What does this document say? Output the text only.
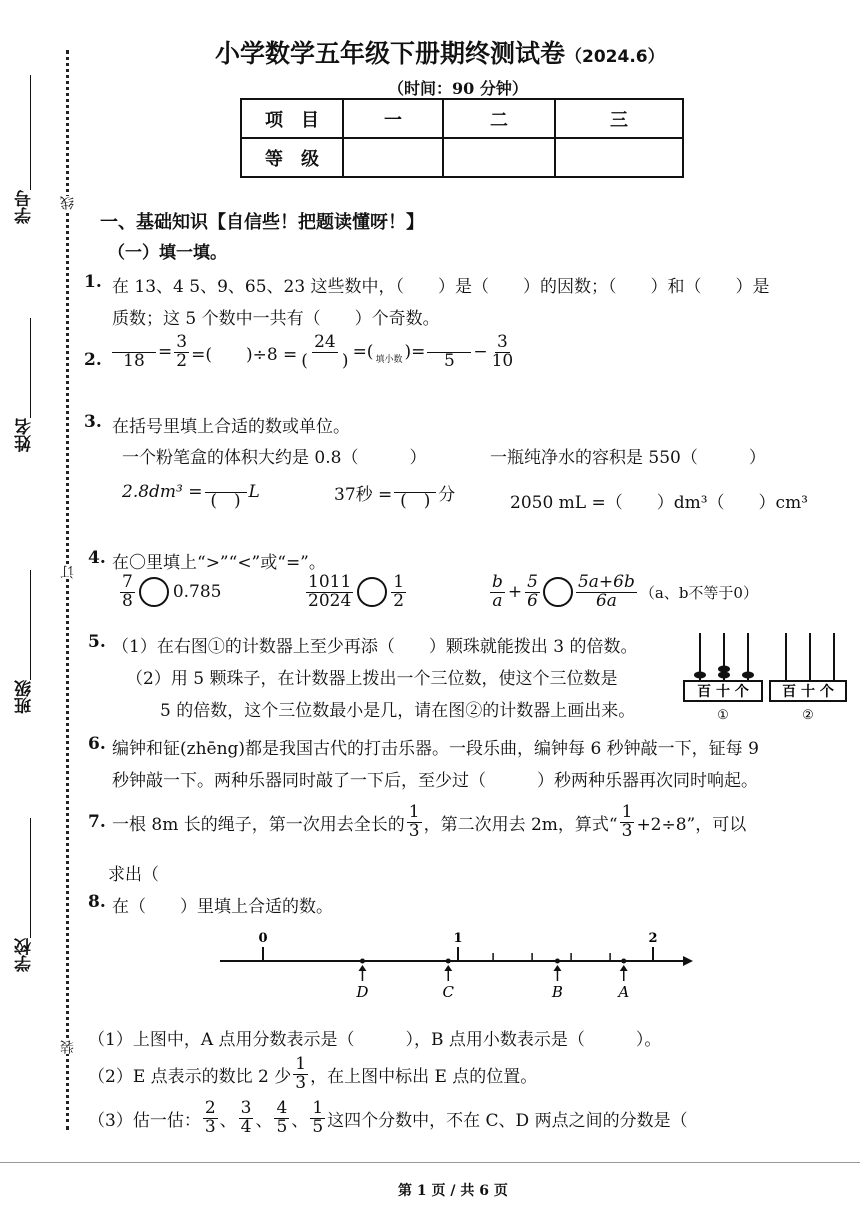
学号
姓名
班级
学校
线
订
装
小学数学五年级下册期终测试卷（2024.6）
（时间：90 分钟）
项　目	一	二	三
等　级			
一、基础知识【自信些！把题读懂呀！】
（一）填一填。
1. 在 13、4 5、9、65、23 这些数中，（　　）是（　　）的因数；（　　）和（　　）是
质数；这 5 个数中一共有（　　）个奇数。
2.
$18 = \frac{3}{2}$ =(　　)$\div 8 = \frac{24}{( )}$ =( 填小数 )=
$5 - \frac{3}{10}$
3. 在括号里填上合适的数或单位。
一个粉笔盒的体积大约是 0.8（　　　）	一瓶纯净水的容积是 550（　　　）
2.8dm³ =
(　) L	37秒 =
(　) 分	2050 mL =（　　）dm³（　　）cm³
4. 在〇里填上“>”“<”或“=”。
$\frac{7}{8} 0.785$	$\frac{1011}{2024} \frac{1}{2}$	$\frac{b}{a} + \frac{5}{6} \frac{5a+6b}{6a} (a$、b不等于0）
5. （1）在右图①的计数器上至少再添（　　）颗珠就能拨出 3 的倍数。
（2）用 5 颗珠子，在计数器上拨出一个三位数，使这个三位数是
5 的倍数，这个三位数最小是几，请在图②的计数器上画出来。
百 十 个
①
百 十 个
②
6. 编钟和钲(zhēng)都是我国古代的打击乐器。一段乐曲，编钟每 6 秒钟敲一下，钲每 9
秒钟敲一下。两种乐器同时敲了一下后，至少过（　　　）秒两种乐器再次同时响起。
7. 一根 8m 长的绳子，第一次用去全长的 $\frac{1}{3}$ ，第二次用去 2m，算式“ $\frac{1}{3} +2\div 8$”，可以
求出（
8. 在（　　）里填上合适的数。
0	1	2
D	C	B	A
（1）上图中，A 点用分数表示是（　　　），B 点用小数表示是（　　　）。
（2）E 点表示的数比 2 少 $\frac{1}{3}$ ，在上图中标出 E 点的位置。
（3）估一估： $\frac{2}{3}$ 、 $\frac{3}{4}$ 、 $\frac{4}{5}$ 、 $\frac{1}{5}$ 这四个分数中，不在 C、D 两点之间的分数是（
第 1 页 / 共 6 页
